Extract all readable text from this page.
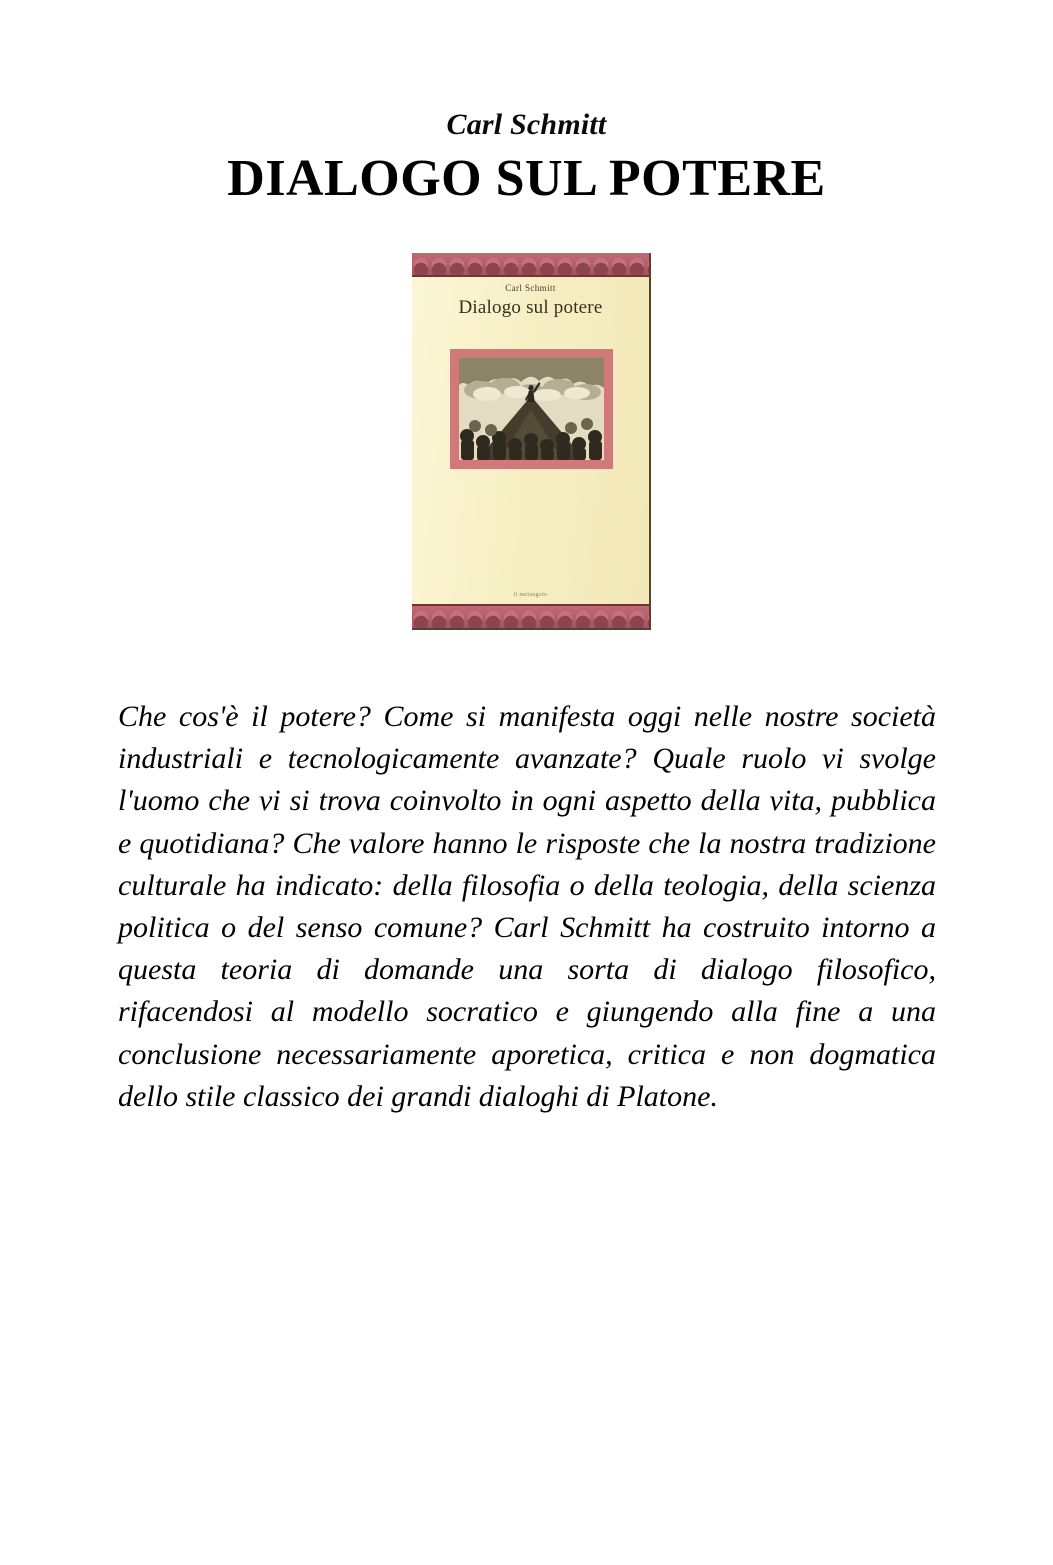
Carl Schmitt
DIALOGO SUL POTERE
Carl Schmitt
Dialogo sul potere
il melangolo

Che cos'è il potere? Come si manifesta oggi nelle nostre società industriali e tecnologicamente avanzate? Quale ruolo vi svolge l'uomo che vi si trova coinvolto in ogni aspetto della vita, pubblica e quotidiana? Che valore hanno le risposte che la nostra tradizione culturale ha indicato: della filosofia o della teologia, della scienza politica o del senso comune? Carl Schmitt ha costruito intorno a questa teoria di domande una sorta di dialogo filosofico, rifacendosi al modello socratico e giungendo alla fine a una conclusione necessariamente aporetica, critica e non dogmatica dello stile classico dei grandi dialoghi di Platone.
